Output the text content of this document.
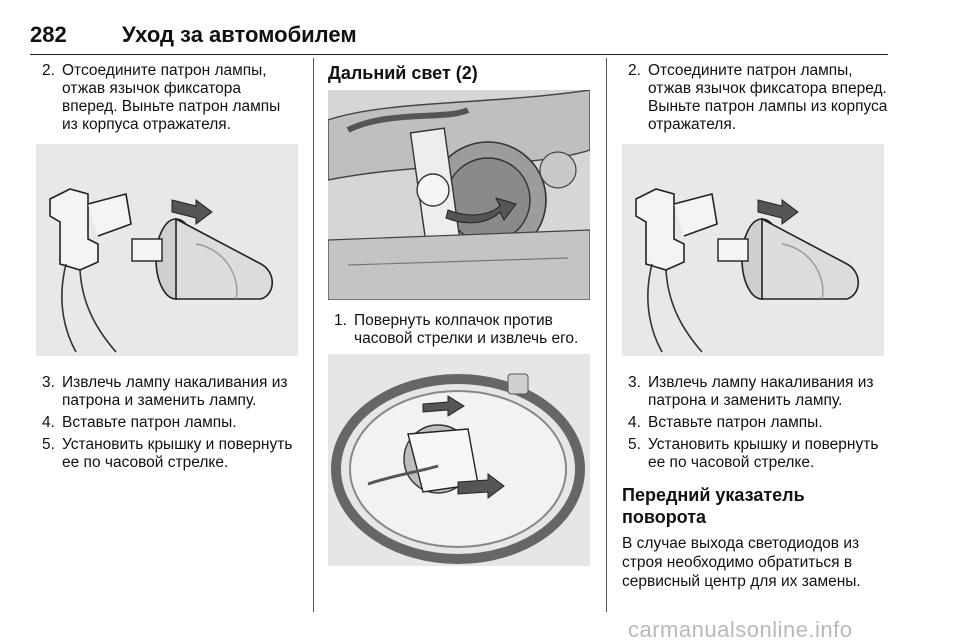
282	Уход за автомобилем
2. Отсоедините патрон лампы, отжав язычок фиксатора вперед. Выньте патрон лампы из корпуса отражателя.
3. Извлечь лампу накаливания из патрона и заменить лампу.
4. Вставьте патрон лампы.
5. Установить крышку и повернуть ее по часовой стрелке.
Дальний свет (2)
1. Повернуть колпачок против часовой стрелки и извлечь его.
2. Отсоедините патрон лампы, отжав язычок фиксатора вперед. Выньте патрон лампы из корпуса отражателя.
3. Извлечь лампу накаливания из патрона и заменить лампу.
4. Вставьте патрон лампы.
5. Установить крышку и повернуть ее по часовой стрелке.
Передний указатель поворота
В случае выхода светодиодов из строя необходимо обратиться в сервисный центр для их замены.
carmanualsonline.info
